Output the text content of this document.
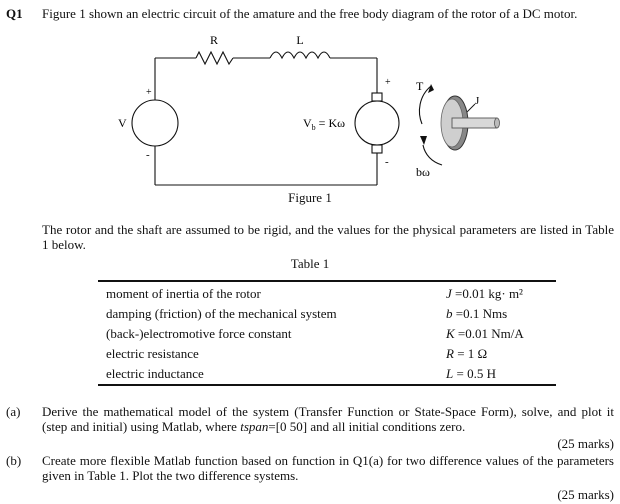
Q1 Figure 1 shown an electric circuit of the amature and the free body diagram of the rotor of a DC motor.
R	L
V
+
-
+
-
$V_b = K\omega$
T
J
bω
Figure 1
The rotor and the shaft are assumed to be rigid, and the values for the physical parameters are listed in Table 1 below.
Table 1
moment of inertia of the rotor	J =0.01 kg· m²
damping (friction) of the mechanical system	b =0.1 Nms
(back-)electromotive force constant	K =0.01 Nm/A
electric resistance	R = 1 Ω
electric inductance	L = 0.5 H
(a) Derive the mathematical model of the system (Transfer Function or State-Space Form), solve, and plot it (step and initial) using Matlab, where tspan=[0 50] and all initial conditions zero.
(25 marks)
(b) Create more flexible Matlab function based on function in Q1(a) for two difference values of the parameters given in Table 1. Plot the two difference systems.
(25 marks)
